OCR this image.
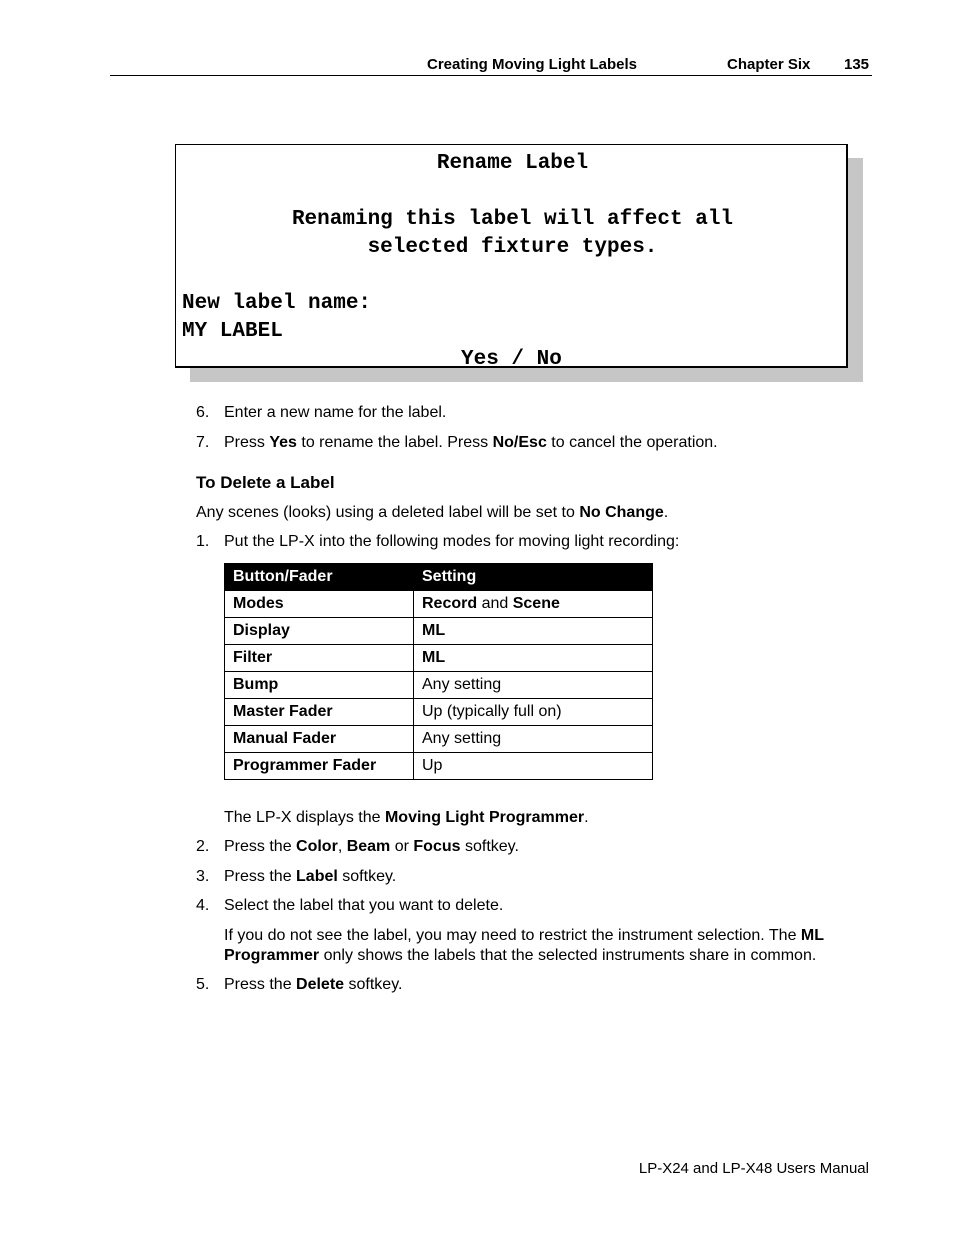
Creating Moving Light Labels	Chapter Six 135
Rename Label
Renaming this label will affect all
selected fixture types.
New label name:
MY LABEL
Yes / No
6. Enter a new name for the label.
7. Press Yes to rename the label. Press No/Esc to cancel the operation.
To Delete a Label
Any scenes (looks) using a deleted label will be set to No Change.
1. Put the LP-X into the following modes for moving light recording:
Button/Fader	Setting
Modes	Record and Scene
Display	ML
Filter	ML
Bump	Any setting
Master Fader	Up (typically full on)
Manual Fader	Any setting
Programmer Fader	Up
The LP-X displays the Moving Light Programmer.
2. Press the Color, Beam or Focus softkey.
3. Press the Label softkey.
4. Select the label that you want to delete.
If you do not see the label, you may need to restrict the instrument selection. The ML
Programmer only shows the labels that the selected instruments share in common.
5. Press the Delete softkey.
LP-X24 and LP-X48 Users Manual
